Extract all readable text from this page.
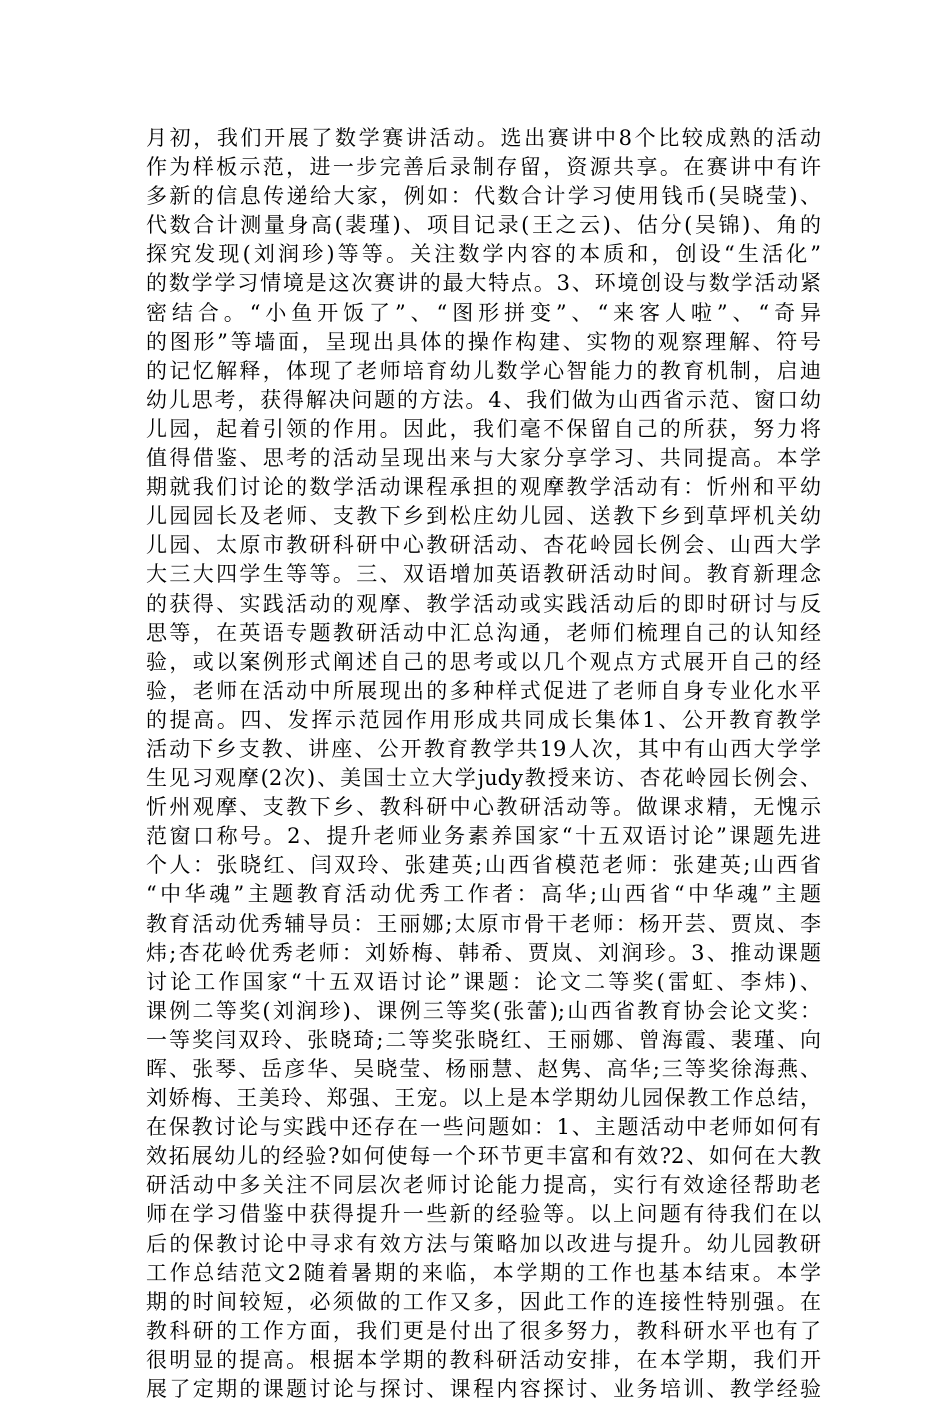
月初，我们开展了数学赛讲活动。选出赛讲中8个比较成熟的活动
作为样板示范，进一步完善后录制存留，资源共享。在赛讲中有许
多新的信息传递给大家，例如：代数合计学习使用钱币(吴晓莹)、
代数合计测量身高(裴瑾)、项目记录(王之云)、估分(吴锦)、角的
探究发现(刘润珍)等等。关注数学内容的本质和，创设“生活化”
的数学学习情境是这次赛讲的最大特点。3、环境创设与数学活动紧
密结合。“小鱼开饭了”、“图形拼变”、“来客人啦”、“奇异
的图形”等墙面，呈现出具体的操作构建、实物的观察理解、符号
的记忆解释，体现了老师培育幼儿数学心智能力的教育机制，启迪
幼儿思考，获得解决问题的方法。4、我们做为山西省示范、窗口幼
儿园，起着引领的作用。因此，我们毫不保留自己的所获，努力将
值得借鉴、思考的活动呈现出来与大家分享学习、共同提高。本学
期就我们讨论的数学活动课程承担的观摩教学活动有：忻州和平幼
儿园园长及老师、支教下乡到松庄幼儿园、送教下乡到草坪机关幼
儿园、太原市教研科研中心教研活动、杏花岭园长例会、山西大学
大三大四学生等等。三、双语增加英语教研活动时间。教育新理念
的获得、实践活动的观摩、教学活动或实践活动后的即时研讨与反
思等，在英语专题教研活动中汇总沟通，老师们梳理自己的认知经
验，或以案例形式阐述自己的思考或以几个观点方式展开自己的经
验，老师在活动中所展现出的多种样式促进了老师自身专业化水平
的提高。四、发挥示范园作用形成共同成长集体1、公开教育教学
活动下乡支教、讲座、公开教育教学共19人次，其中有山西大学学
生见习观摩(2次)、美国士立大学judy教授来访、杏花岭园长例会、
忻州观摩、支教下乡、教科研中心教研活动等。做课求精，无愧示
范窗口称号。2、提升老师业务素养国家“十五双语讨论”课题先进
个人：张晓红、闫双玲、张建英;山西省模范老师：张建英;山西省
“中华魂”主题教育活动优秀工作者：高华;山西省“中华魂”主题
教育活动优秀辅导员：王丽娜;太原市骨干老师：杨开芸、贾岚、李
炜;杏花岭优秀老师：刘娇梅、韩希、贾岚、刘润珍。3、推动课题
讨论工作国家“十五双语讨论”课题：论文二等奖(雷虹、李炜)、
课例二等奖(刘润珍)、课例三等奖(张蕾);山西省教育协会论文奖：
一等奖闫双玲、张晓琦;二等奖张晓红、王丽娜、曾海霞、裴瑾、向
晖、张琴、岳彦华、吴晓莹、杨丽慧、赵隽、高华;三等奖徐海燕、
刘娇梅、王美玲、郑强、王宠。以上是本学期幼儿园保教工作总结，
在保教讨论与实践中还存在一些问题如：1、主题活动中老师如何有
效拓展幼儿的经验?如何使每一个环节更丰富和有效?2、如何在大教
研活动中多关注不同层次老师讨论能力提高，实行有效途径帮助老
师在学习借鉴中获得提升一些新的经验等。以上问题有待我们在以
后的保教讨论中寻求有效方法与策略加以改进与提升。幼儿园教研
工作总结范文2随着暑期的来临，本学期的工作也基本结束。本学
期的时间较短，必须做的工作又多，因此工作的连接性特别强。在
教科研的工作方面，我们更是付出了很多努力，教科研水平也有了
很明显的提高。根据本学期的教科研活动安排，在本学期，我们开
展了定期的课题讨论与探讨、课程内容探讨、业务培训、教学经验
